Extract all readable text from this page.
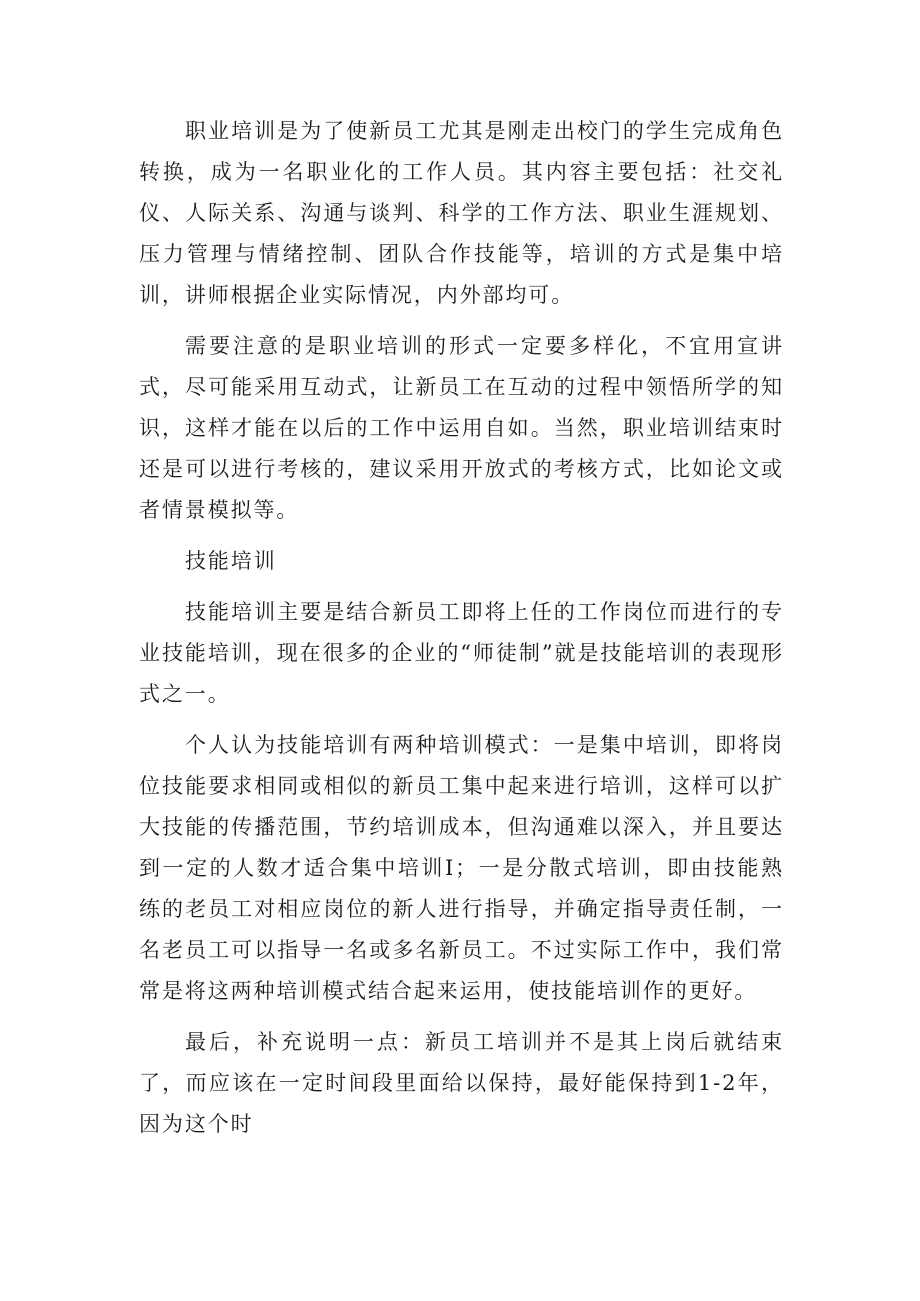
职业培训是为了使新员工尤其是刚走出校门的学生完成角色转换，成为一名职业化的工作人员。其内容主要包括：社交礼仪、人际关系、沟通与谈判、科学的工作方法、职业生涯规划、压力管理与情绪控制、团队合作技能等，培训的方式是集中培训，讲师根据企业实际情况，内外部均可。

需要注意的是职业培训的形式一定要多样化，不宜用宣讲式，尽可能采用互动式，让新员工在互动的过程中领悟所学的知识，这样才能在以后的工作中运用自如。当然，职业培训结束时还是可以进行考核的，建议采用开放式的考核方式，比如论文或者情景模拟等。

技能培训

技能培训主要是结合新员工即将上任的工作岗位而进行的专业技能培训，现在很多的企业的“师徒制”就是技能培训的表现形式之一。

个人认为技能培训有两种培训模式：一是集中培训，即将岗位技能要求相同或相似的新员工集中起来进行培训，这样可以扩大技能的传播范围，节约培训成本，但沟通难以深入，并且要达到一定的人数才适合集中培训I；一是分散式培训，即由技能熟练的老员工对相应岗位的新人进行指导，并确定指导责任制，一名老员工可以指导一名或多名新员工。不过实际工作中，我们常常是将这两种培训模式结合起来运用，使技能培训作的更好。

最后，补充说明一点：新员工培训并不是其上岗后就结束了，而应该在一定时间段里面给以保持，最好能保持到1-2年，因为这个时
